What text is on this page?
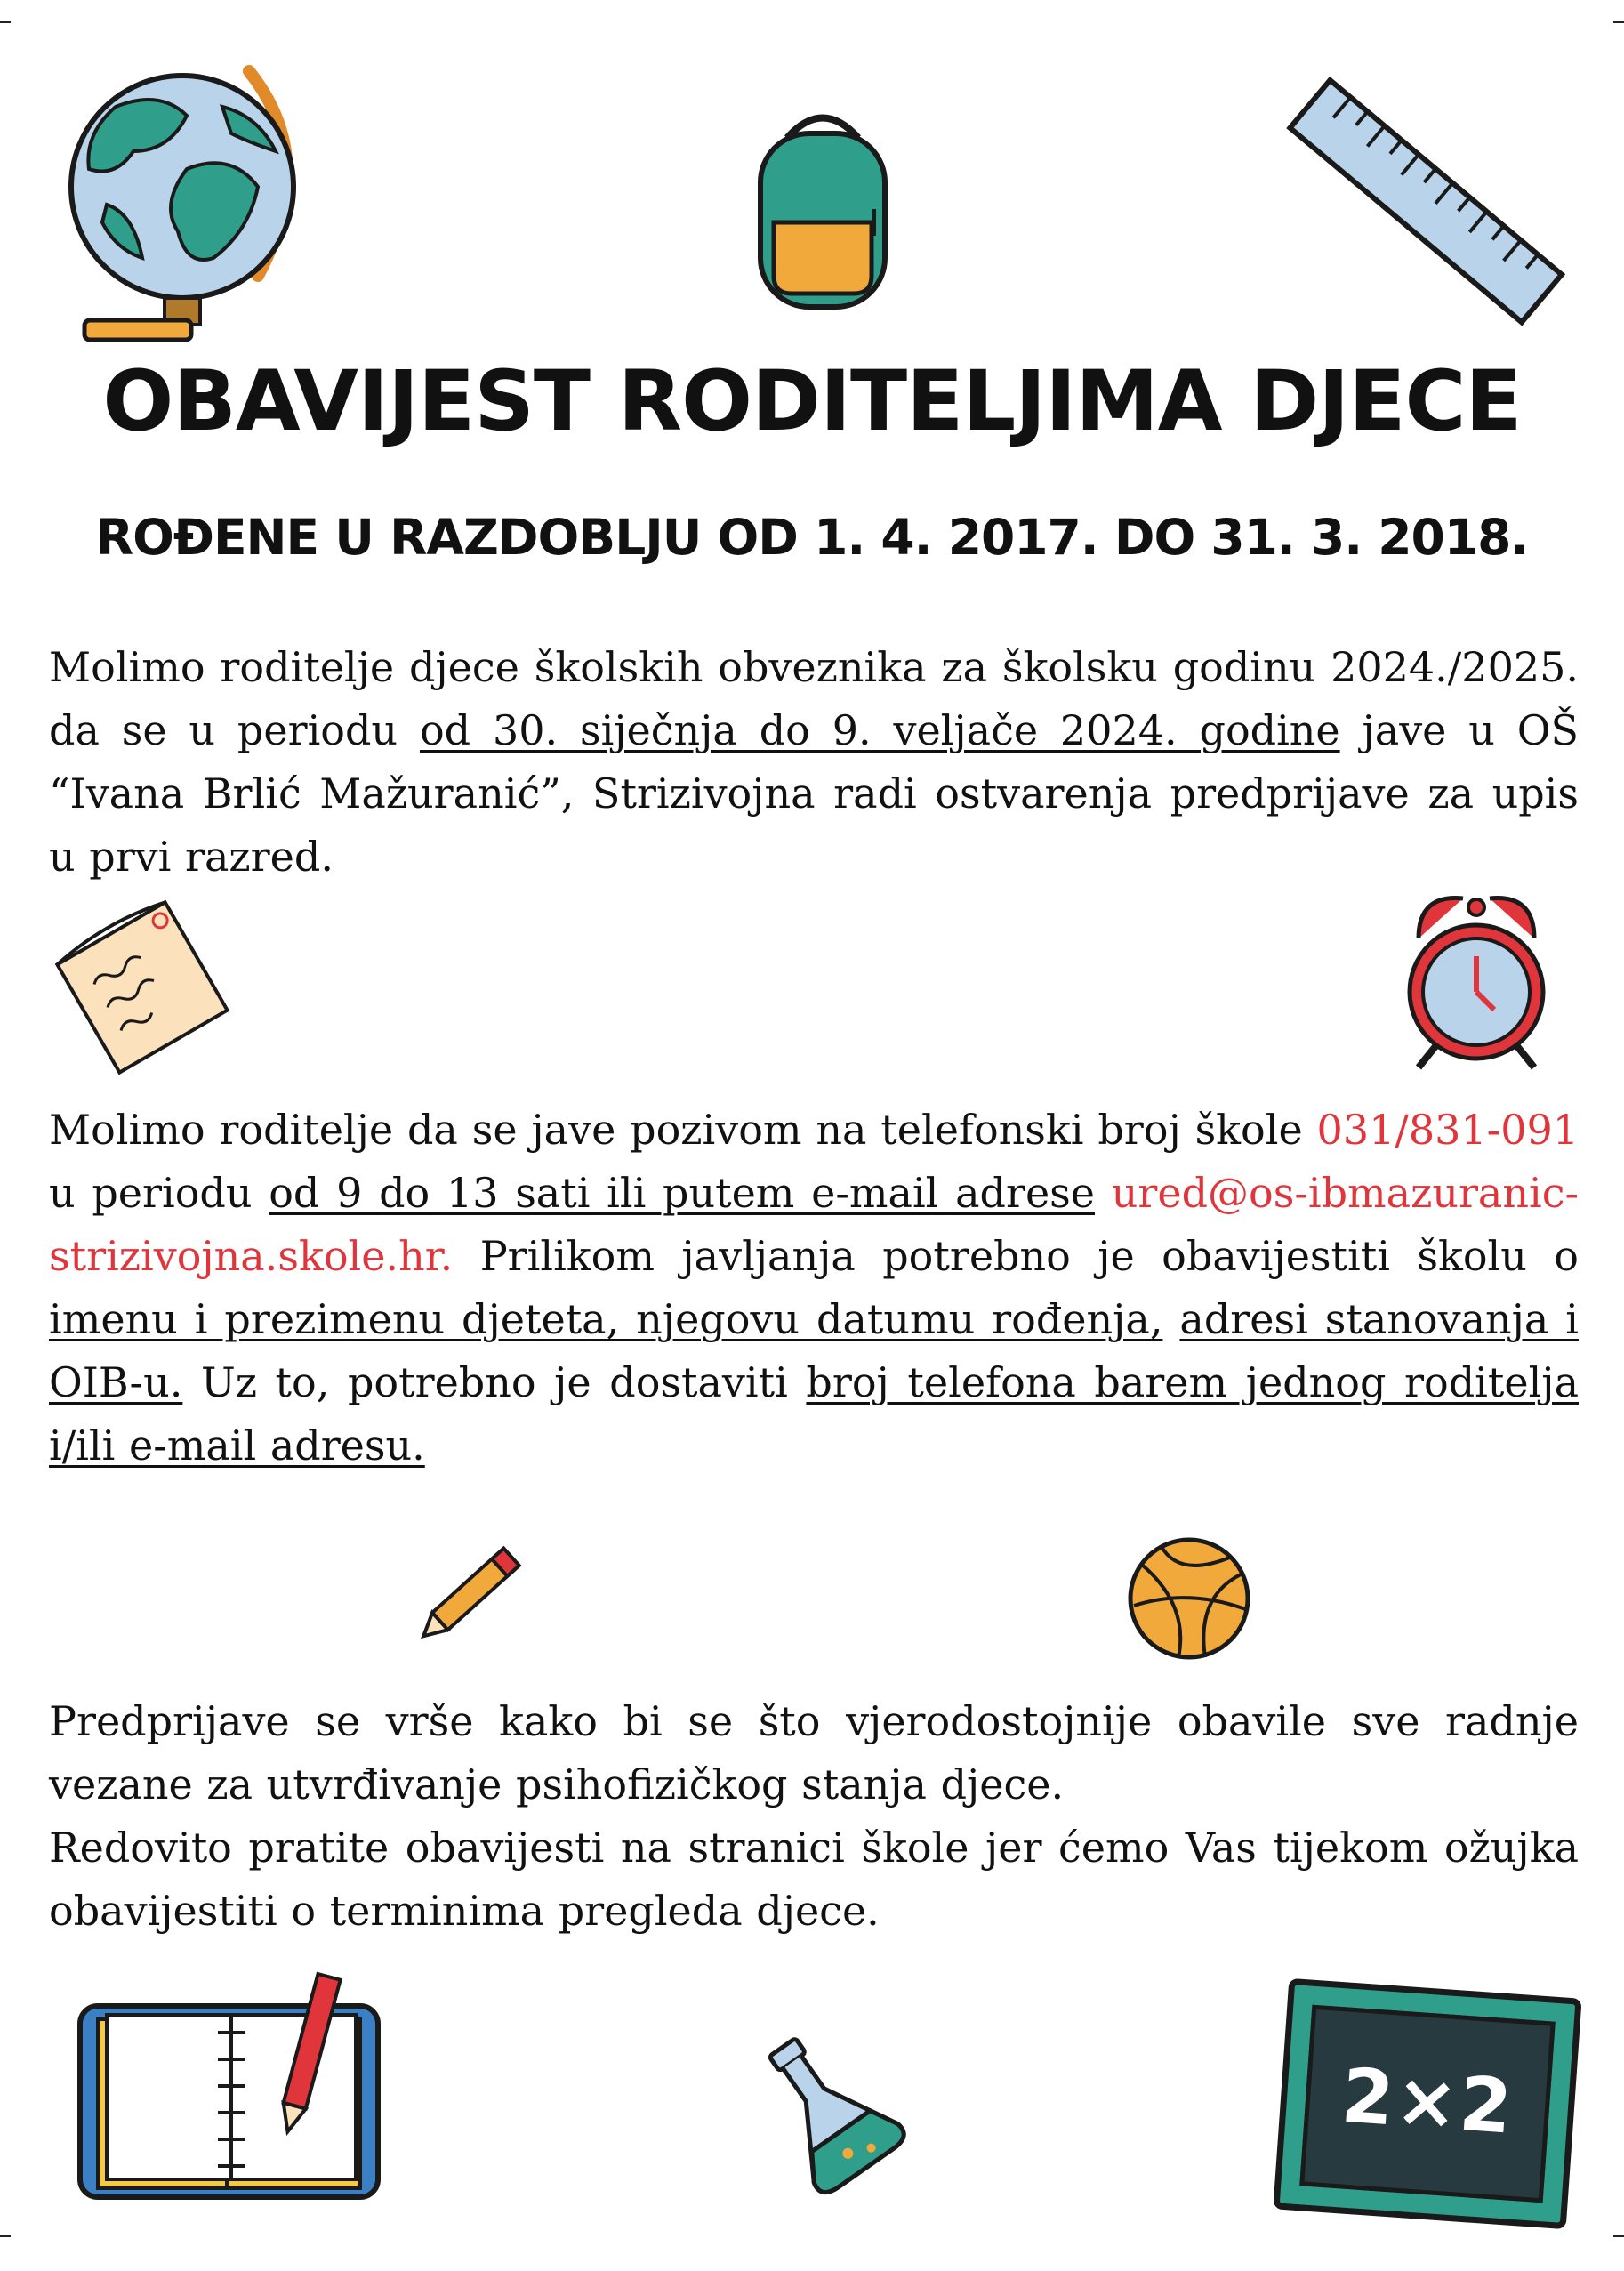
OBAVIJEST RODITELJIMA DJECE
ROĐENE U RAZDOBLJU OD 1. 4. 2017. DO 31. 3. 2018.
Molimo roditelje djece školskih obveznika za školsku godinu 2024./2025. da se u periodu od 30. siječnja do 9. veljače 2024. godine jave u OŠ “Ivana Brlić Mažuranić”, Strizivojna radi ostvarenja predprijave za upis u prvi razred.
Molimo roditelje da se jave pozivom na telefonski broj škole 031/831-091 u periodu od 9 do 13 sati ili putem e-mail adrese ured@os-ibmazuranic-strizivojna.skole.hr. Prilikom javljanja potrebno je obavijestiti školu o imenu i prezimenu djeteta, njegovu datumu rođenja, adresi stanovanja i OIB-u. Uz to, potrebno je dostaviti broj telefona barem jednog roditelja i/ili e-mail adresu.
Predprijave se vrše kako bi se što vjerodostojnije obavile sve radnje vezane za utvrđivanje psihofizičkog stanja djece.
Redovito pratite obavijesti na stranici škole jer ćemo Vas tijekom ožujka obavijestiti o terminima pregleda djece.
2×2
